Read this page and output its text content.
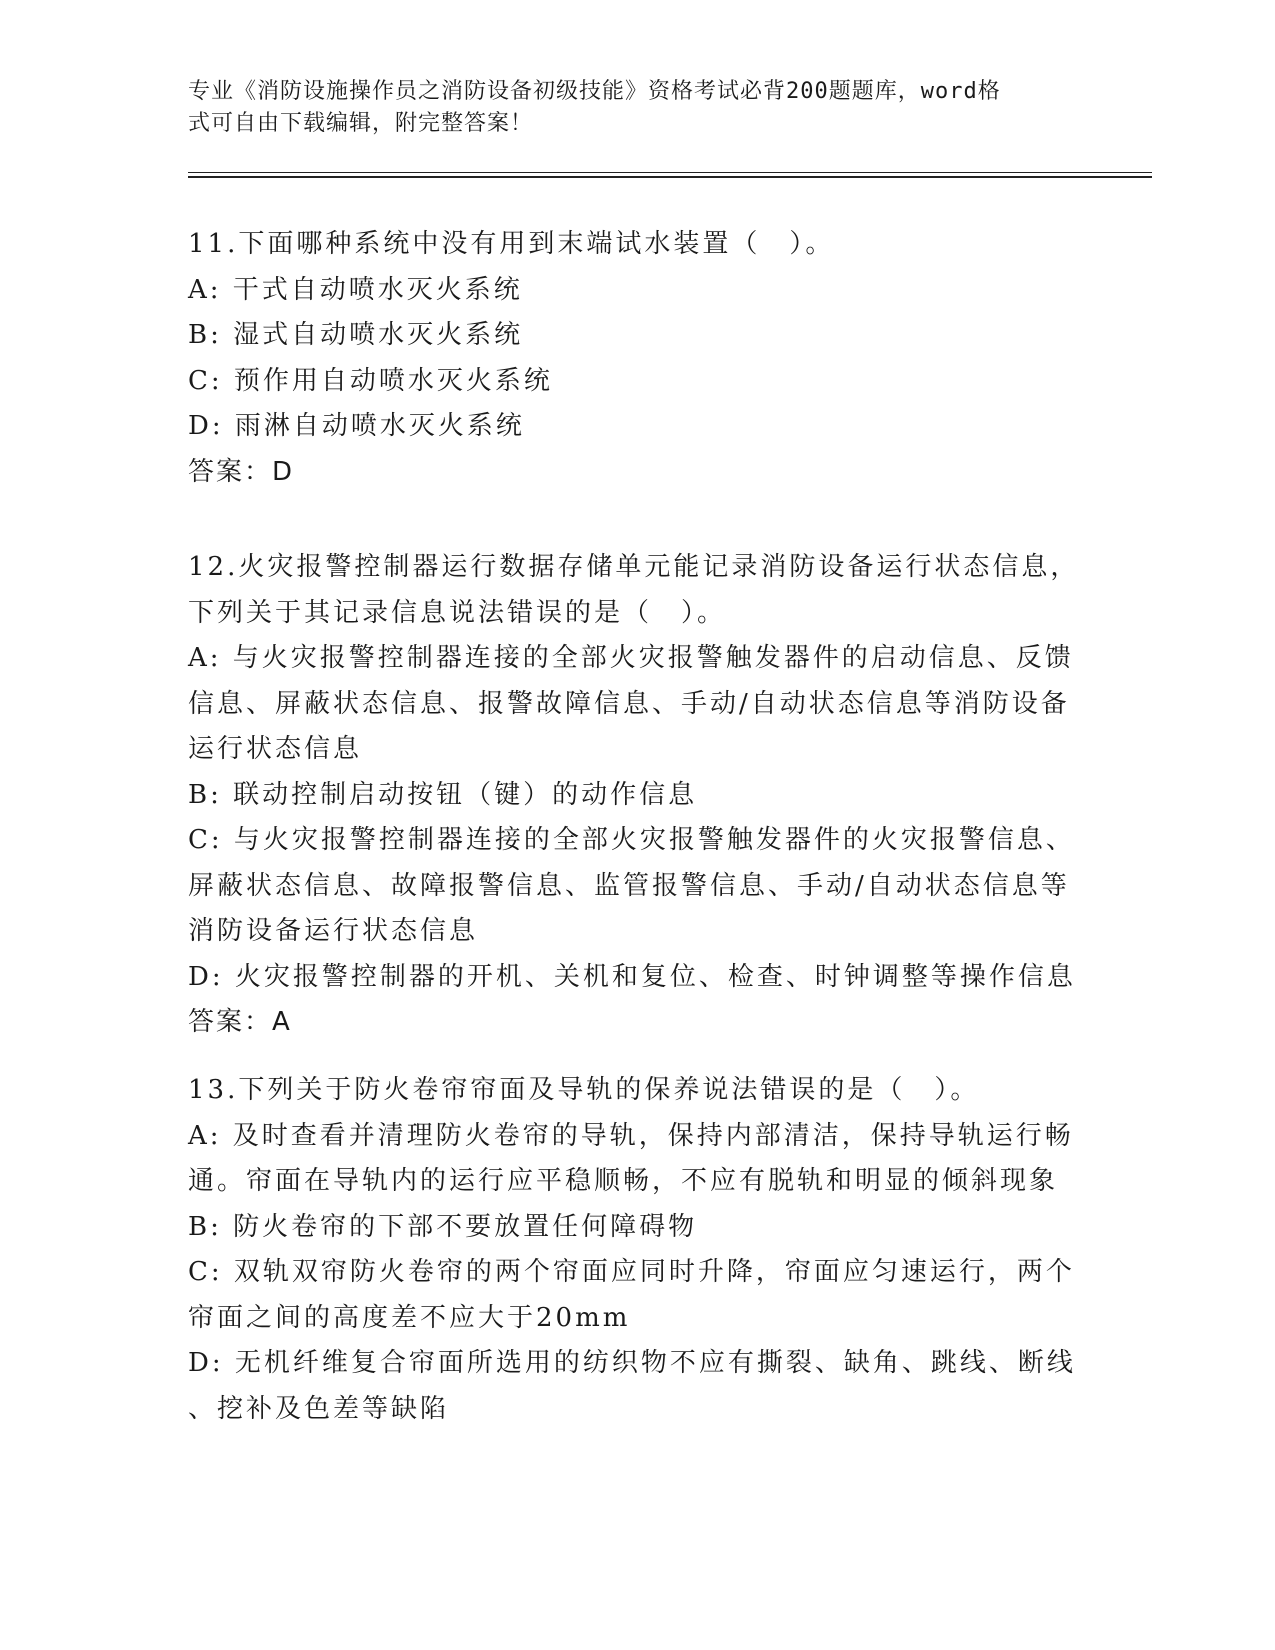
专业《消防设施操作员之消防设备初级技能》资格考试必背200题题库，word格
式可自由下载编辑，附完整答案！
11.下面哪种系统中没有用到末端试水装置（　）。
A: 干式自动喷水灭火系统
B: 湿式自动喷水灭火系统
C: 预作用自动喷水灭火系统
D: 雨淋自动喷水灭火系统
答案：D
12.火灾报警控制器运行数据存储单元能记录消防设备运行状态信息，
下列关于其记录信息说法错误的是（　）。
A: 与火灾报警控制器连接的全部火灾报警触发器件的启动信息、反馈
信息、屏蔽状态信息、报警故障信息、手动/自动状态信息等消防设备
运行状态信息
B: 联动控制启动按钮（键）的动作信息
C: 与火灾报警控制器连接的全部火灾报警触发器件的火灾报警信息、
屏蔽状态信息、故障报警信息、监管报警信息、手动/自动状态信息等
消防设备运行状态信息
D: 火灾报警控制器的开机、关机和复位、检查、时钟调整等操作信息
答案：A
13.下列关于防火卷帘帘面及导轨的保养说法错误的是（　）。
A: 及时查看并清理防火卷帘的导轨，保持内部清洁，保持导轨运行畅
通。帘面在导轨内的运行应平稳顺畅，不应有脱轨和明显的倾斜现象
B: 防火卷帘的下部不要放置任何障碍物
C: 双轨双帘防火卷帘的两个帘面应同时升降，帘面应匀速运行，两个
帘面之间的高度差不应大于20mm
D: 无机纤维复合帘面所选用的纺织物不应有撕裂、缺角、跳线、断线
、挖补及色差等缺陷
